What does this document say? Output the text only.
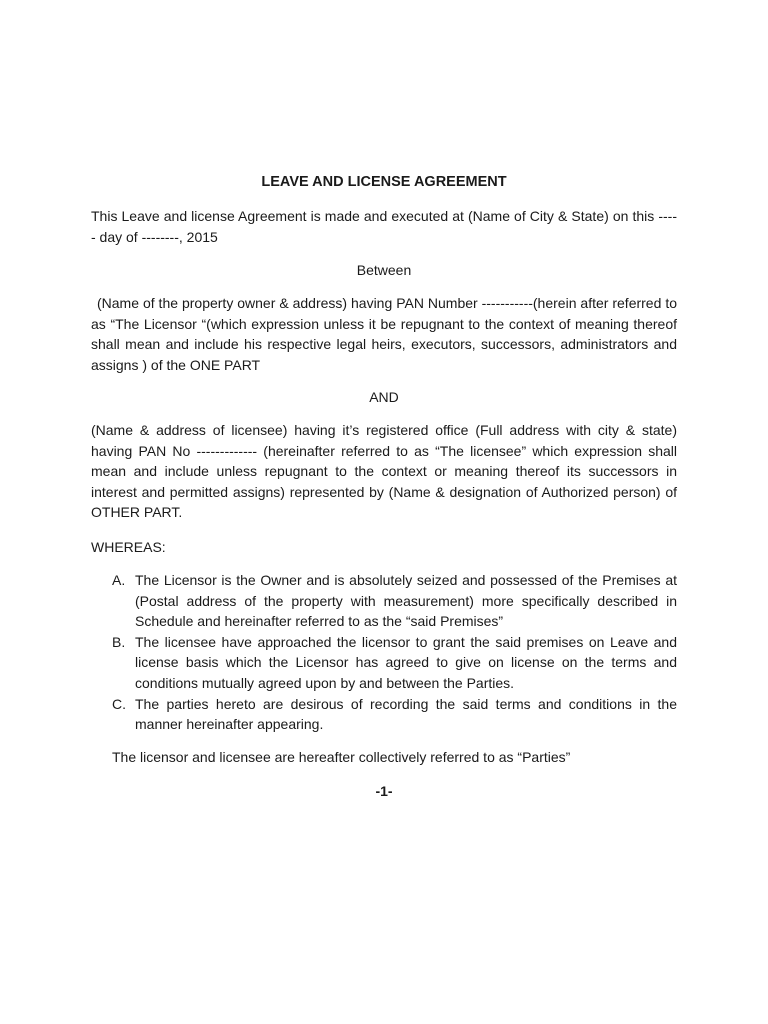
LEAVE AND LICENSE AGREEMENT
This Leave and license Agreement is made and executed at (Name of City & State) on this ----- day of --------, 2015
Between
(Name of the property owner & address) having PAN Number -----------(herein after referred to as “The Licensor “(which expression unless it be repugnant to the context of meaning thereof shall mean and include his respective legal heirs, executors, successors, administrators and assigns ) of the ONE PART
AND
(Name & address of licensee) having it’s registered office (Full address with city & state) having PAN No ------------- (hereinafter referred to as “The licensee” which expression shall mean and include unless repugnant to the context or meaning thereof its successors in interest and permitted assigns) represented by (Name & designation of Authorized person) of OTHER PART.
WHEREAS:
A. The Licensor is the Owner and is absolutely seized and possessed of the Premises at (Postal address of the property with measurement) more specifically described in Schedule and hereinafter referred to as the “said Premises”
B. The licensee have approached the licensor to grant the said premises on Leave and license basis which the Licensor has agreed to give on license on the terms and conditions mutually agreed upon by and between the Parties.
C. The parties hereto are desirous of recording the said terms and conditions in the manner hereinafter appearing.
The licensor and licensee are hereafter collectively referred to as “Parties”
-1-
